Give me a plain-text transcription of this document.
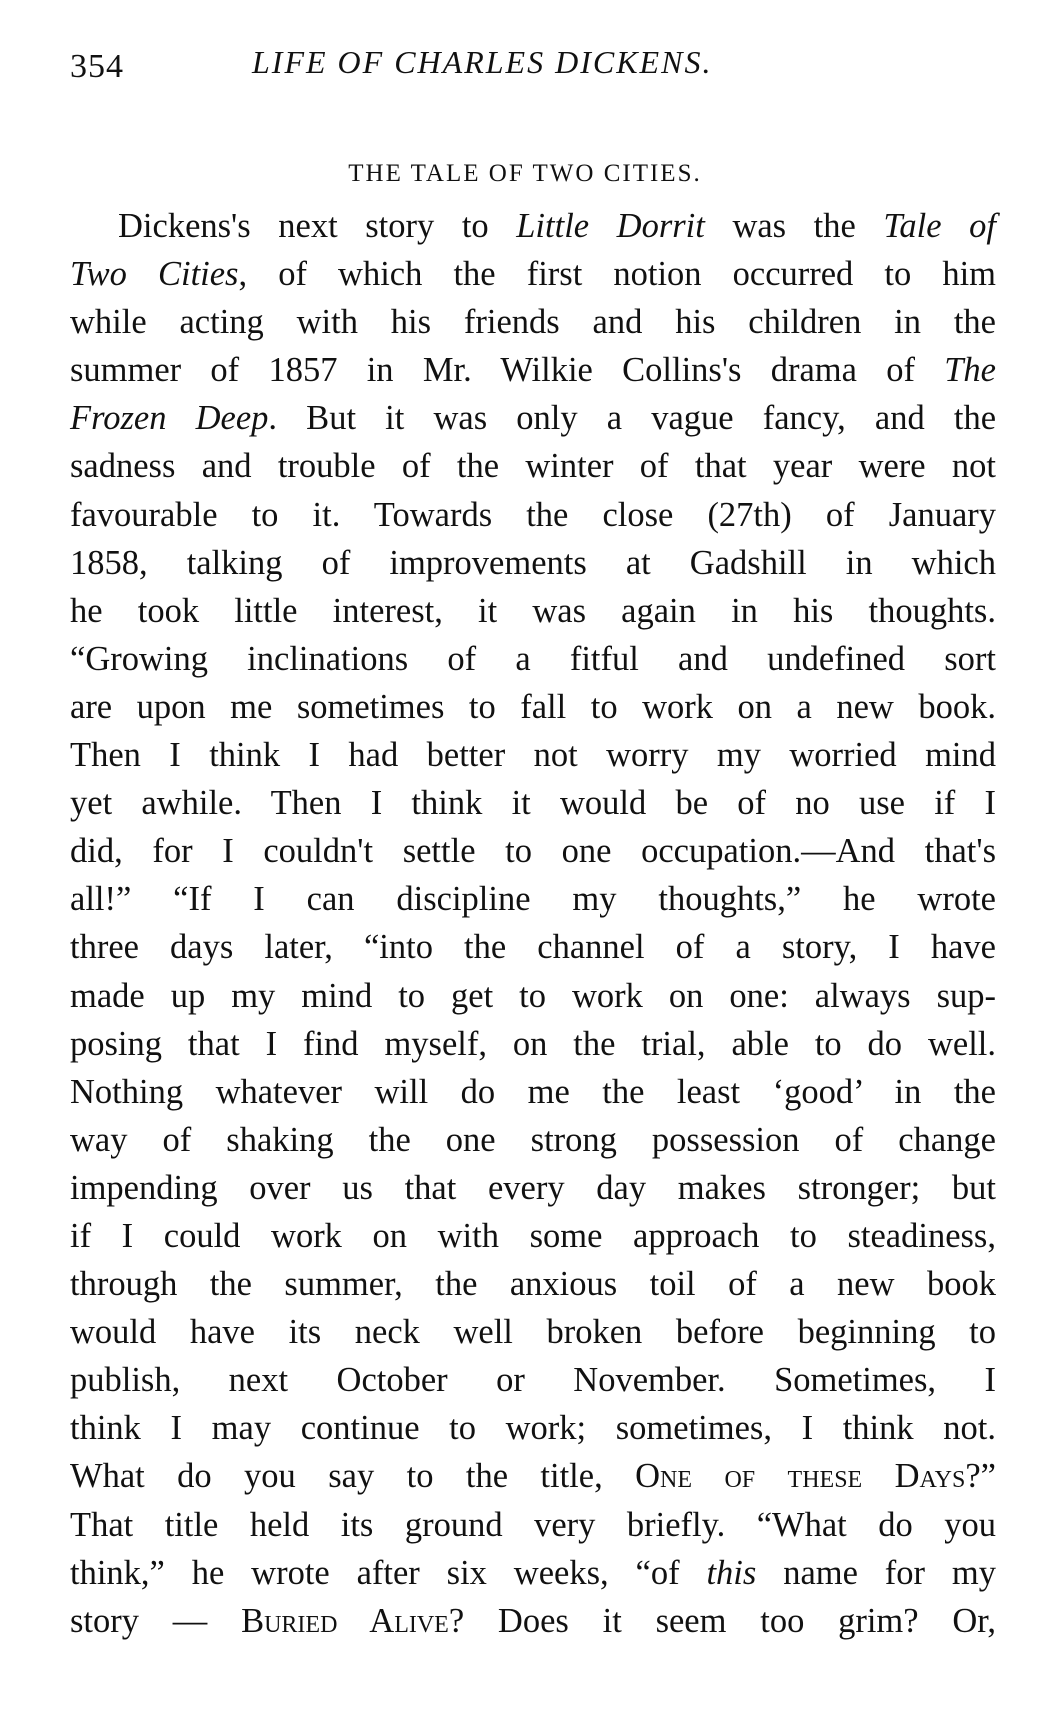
354	LIFE OF CHARLES DICKENS.
THE TALE OF TWO CITIES.
Dickens's next story to Little Dorrit was the Tale of
Two Cities, of which the first notion occurred to him
while acting with his friends and his children in the
summer of 1857 in Mr. Wilkie Collins's drama of The
Frozen Deep. But it was only a vague fancy, and the
sadness and trouble of the winter of that year were not
favourable to it. Towards the close (27th) of January
1858, talking of improvements at Gadshill in which
he took little interest, it was again in his thoughts.
“Growing inclinations of a fitful and undefined sort
are upon me sometimes to fall to work on a new book.
Then I think I had better not worry my worried mind
yet awhile. Then I think it would be of no use if I
did, for I couldn't settle to one occupation.—And that's
all!” “If I can discipline my thoughts,” he wrote
three days later, “into the channel of a story, I have
made up my mind to get to work on one: always sup-
posing that I find myself, on the trial, able to do well.
Nothing whatever will do me the least ‘good’ in the
way of shaking the one strong possession of change
impending over us that every day makes stronger; but
if I could work on with some approach to steadiness,
through the summer, the anxious toil of a new book
would have its neck well broken before beginning to
publish, next October or November. Sometimes, I
think I may continue to work; sometimes, I think not.
What do you say to the title, One of these Days?”
That title held its ground very briefly. “What do you
think,” he wrote after six weeks, “of this name for my
story — Buried Alive? Does it seem too grim? Or,
